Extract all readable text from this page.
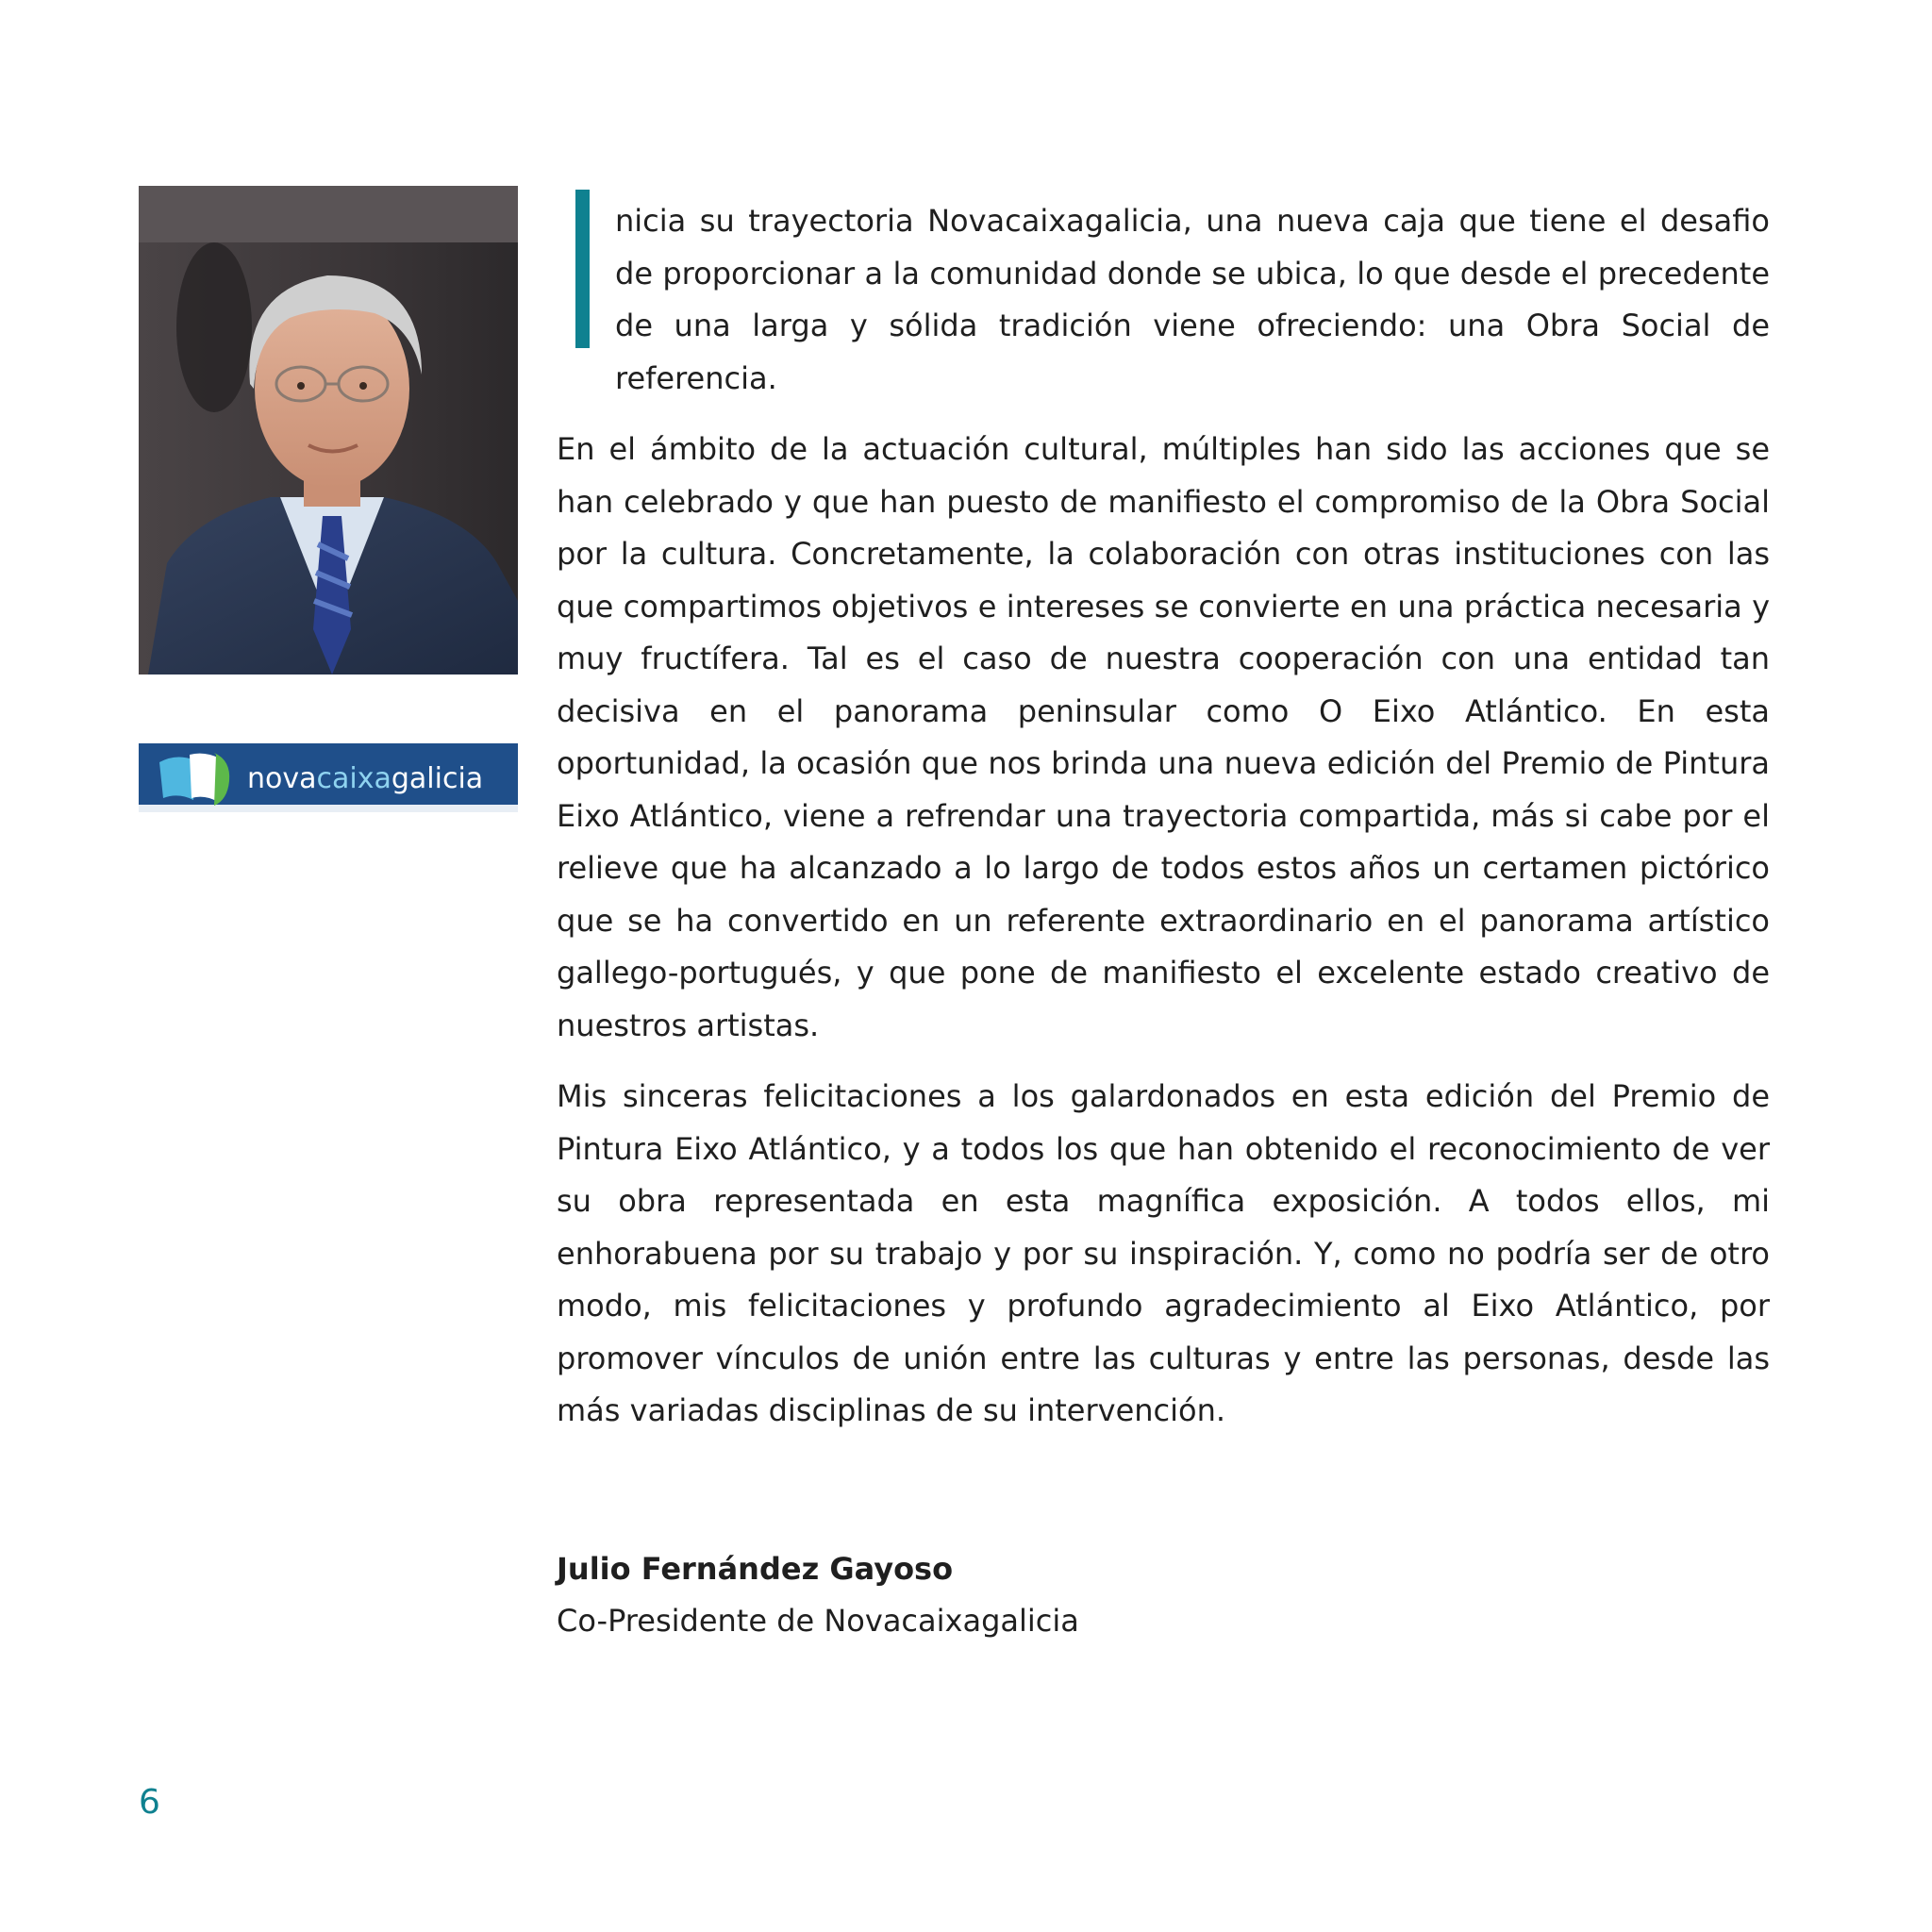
novacaixagalicia
nicia su trayectoria Novacaixagalicia, una nueva caja que tiene el desafio de proporcionar a la comunidad donde se ubica, lo que desde el precedente de una larga y sólida tradición viene ofreciendo: una Obra Social de referencia.

En el ámbito de la actuación cultural, múltiples han sido las acciones que se han celebrado y que han puesto de manifiesto el compromiso de la Obra Social por la cultura. Concretamente, la colaboración con otras instituciones con las que compartimos objetivos e intereses se convierte en una práctica necesaria y muy fructífera. Tal es el caso de nuestra cooperación con una entidad tan decisiva en el panorama peninsular como O Eixo Atlántico. En esta oportunidad, la ocasión que nos brinda una nueva edición del Premio de Pintura Eixo Atlántico, viene a refrendar una trayectoria compartida, más si cabe por el relieve que ha alcanzado a lo largo de todos estos años un certamen pictórico que se ha convertido en un referente extraordinario en el panorama artístico gallego-portugués, y que pone de manifiesto el excelente estado creativo de nuestros artistas.

Mis sinceras felicitaciones a los galardonados en esta edición del Premio de Pintura Eixo Atlántico, y a todos los que han obtenido el reconocimiento de ver su obra representada en esta magnífica exposición. A todos ellos, mi enhorabuena por su trabajo y por su inspiración. Y, como no podría ser de otro modo, mis felicitaciones y profundo agradecimiento al Eixo Atlántico, por promover vínculos de unión entre las culturas y entre las personas, desde las más variadas disciplinas de su intervención.

Julio Fernández Gayoso
Co-Presidente de Novacaixagalicia
6
